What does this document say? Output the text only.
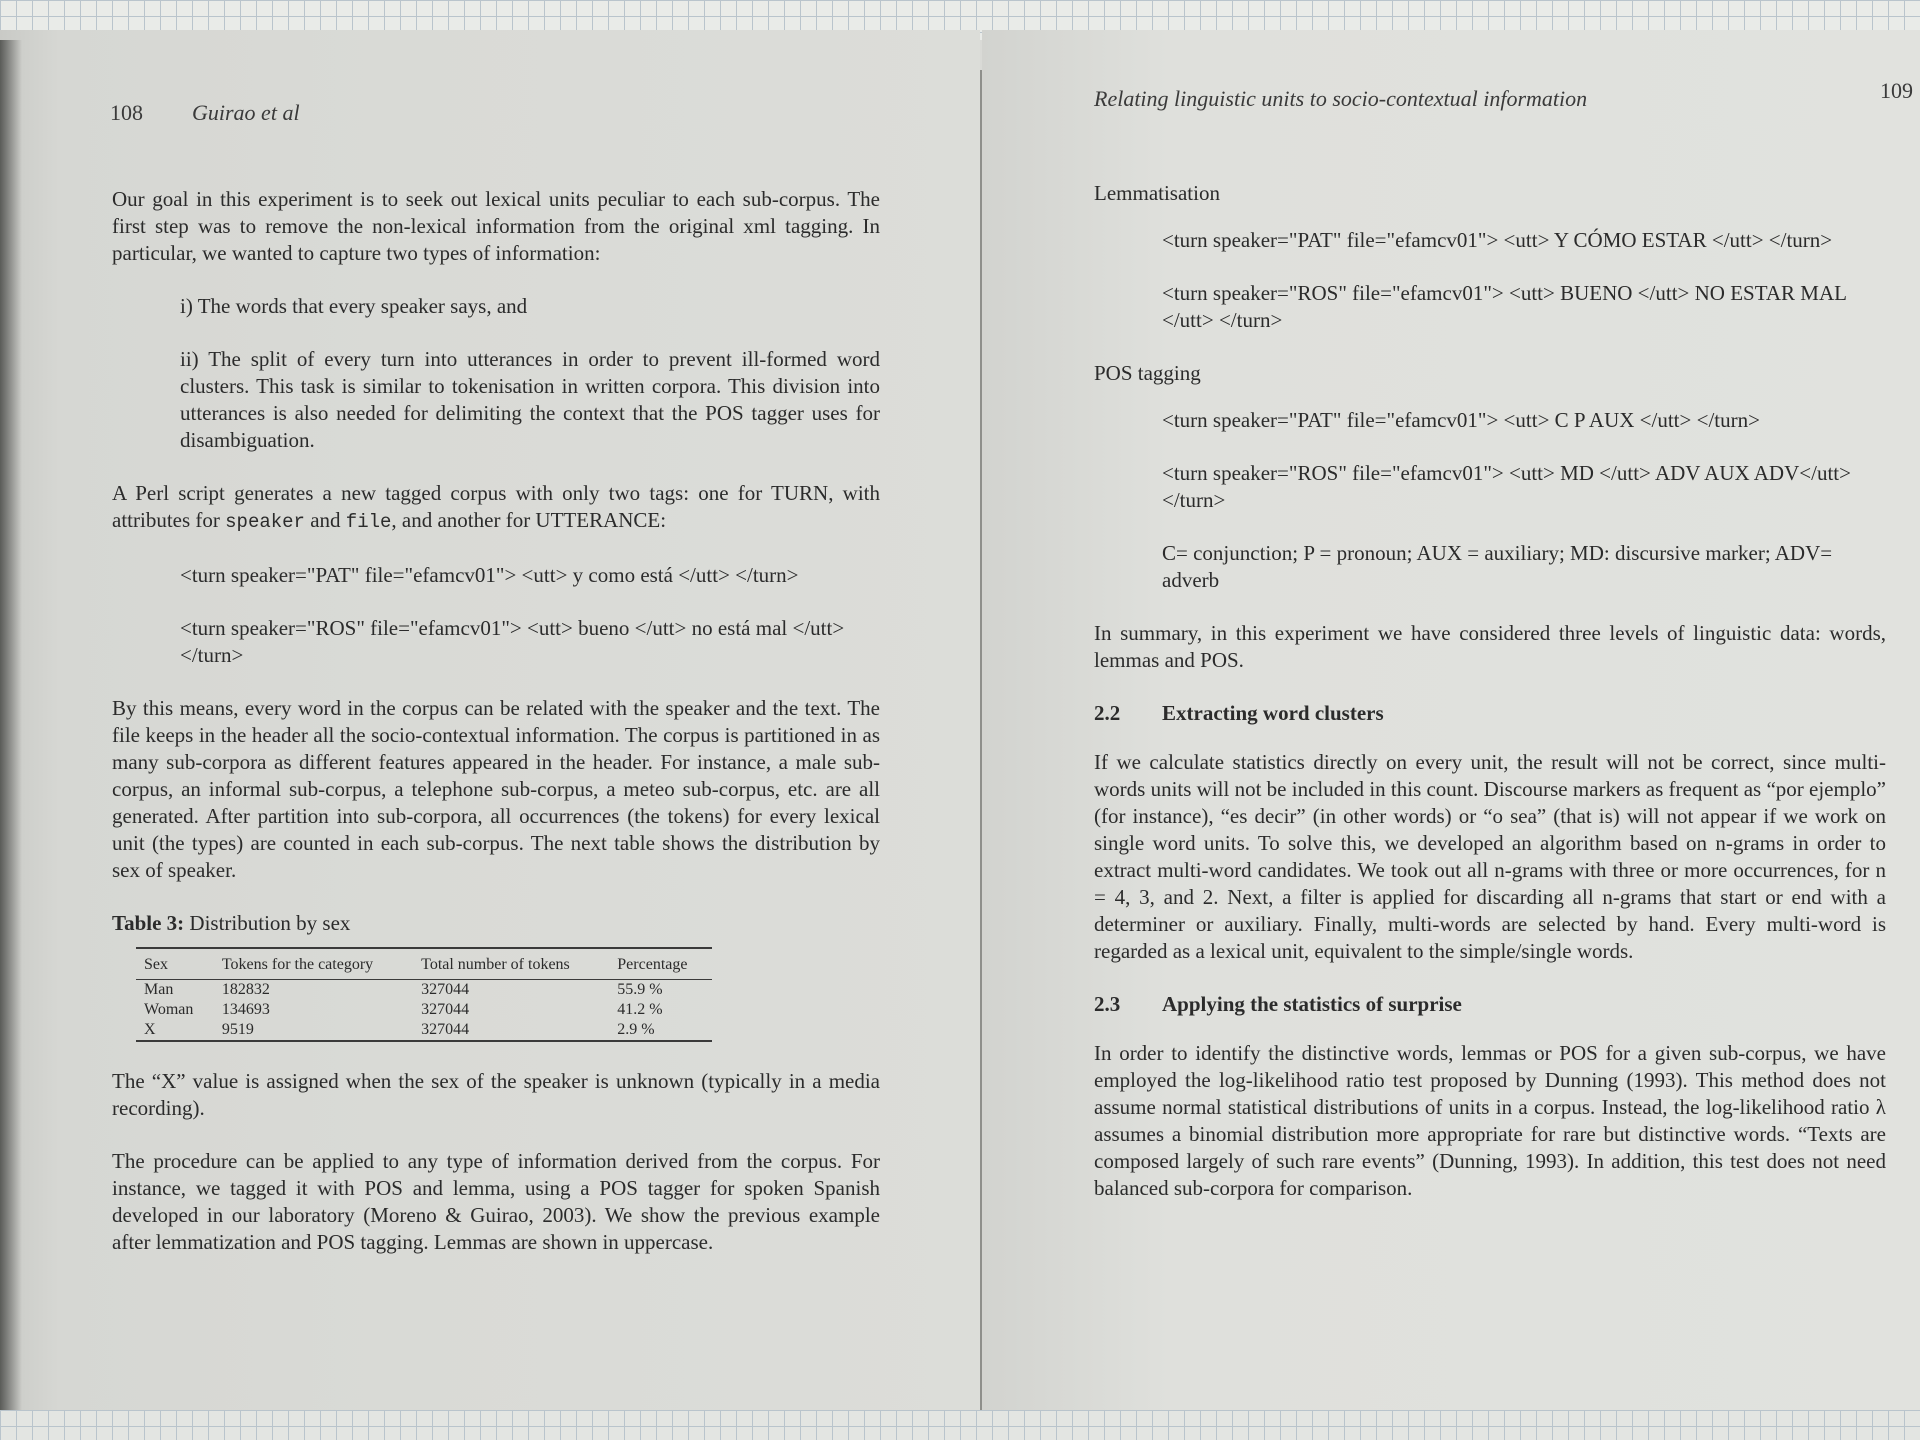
108 Guirao et al

Our goal in this experiment is to seek out lexical units peculiar to each sub-corpus. The first step was to remove the non-lexical information from the original xml tagging. In particular, we wanted to capture two types of information:

i) The words that every speaker says, and

ii) The split of every turn into utterances in order to prevent ill-formed word clusters. This task is similar to tokenisation in written corpora. This division into utterances is also needed for delimiting the context that the POS tagger uses for disambiguation.

A Perl script generates a new tagged corpus with only two tags: one for TURN, with attributes for speaker and file, and another for UTTERANCE:

<turn speaker="PAT" file="efamcv01"> <utt> y como está </utt> </turn>
<turn speaker="ROS" file="efamcv01"> <utt> bueno </utt> no está mal </utt> </turn>

By this means, every word in the corpus can be related with the speaker and the text. The file keeps in the header all the socio-contextual information. The corpus is partitioned in as many sub-corpora as different features appeared in the header. For instance, a male sub-corpus, an informal sub-corpus, a telephone sub-corpus, a meteo sub-corpus, etc. are all generated. After partition into sub-corpora, all occurrences (the tokens) for every lexical unit (the types) are counted in each sub-corpus. The next table shows the distribution by sex of speaker.

Table 3: Distribution by sex
Sex	Tokens for the category	Total number of tokens	Percentage
Man	182832	327044	55.9 %
Woman	134693	327044	41.2 %
X	9519	327044	2.9 %

The “X” value is assigned when the sex of the speaker is unknown (typically in a media recording).

The procedure can be applied to any type of information derived from the corpus. For instance, we tagged it with POS and lemma, using a POS tagger for spoken Spanish developed in our laboratory (Moreno & Guirao, 2003). We show the previous example after lemmatization and POS tagging. Lemmas are shown in uppercase.

Relating linguistic units to socio-contextual information	109
Lemmatisation
<turn speaker="PAT" file="efamcv01"> <utt> Y CÓMO ESTAR </utt> </turn>
<turn speaker="ROS" file="efamcv01"> <utt> BUENO </utt> NO ESTAR MAL </utt> </turn>
POS tagging
<turn speaker="PAT" file="efamcv01"> <utt> C P AUX </utt> </turn>
<turn speaker="ROS" file="efamcv01"> <utt> MD </utt> ADV AUX ADV</utt> </turn>
C= conjunction; P = pronoun; AUX = auxiliary; MD: discursive marker; ADV= adverb

In summary, in this experiment we have considered three levels of linguistic data: words, lemmas and POS.

2.2 Extracting word clusters

If we calculate statistics directly on every unit, the result will not be correct, since multi-words units will not be included in this count. Discourse markers as frequent as “por ejemplo” (for instance), “es decir” (in other words) or “o sea” (that is) will not appear if we work on single word units. To solve this, we developed an algorithm based on n-grams in order to extract multi-word candidates. We took out all n-grams with three or more occurrences, for n = 4, 3, and 2. Next, a filter is applied for discarding all n-grams that start or end with a determiner or auxiliary. Finally, multi-words are selected by hand. Every multi-word is regarded as a lexical unit, equivalent to the simple/single words.

2.3 Applying the statistics of surprise

In order to identify the distinctive words, lemmas or POS for a given sub-corpus, we have employed the log-likelihood ratio test proposed by Dunning (1993). This method does not assume normal statistical distributions of units in a corpus. Instead, the log-likelihood ratio λ assumes a binomial distribution more appropriate for rare but distinctive words. “Texts are composed largely of such rare events” (Dunning, 1993). In addition, this test does not need balanced sub-corpora for comparison.
